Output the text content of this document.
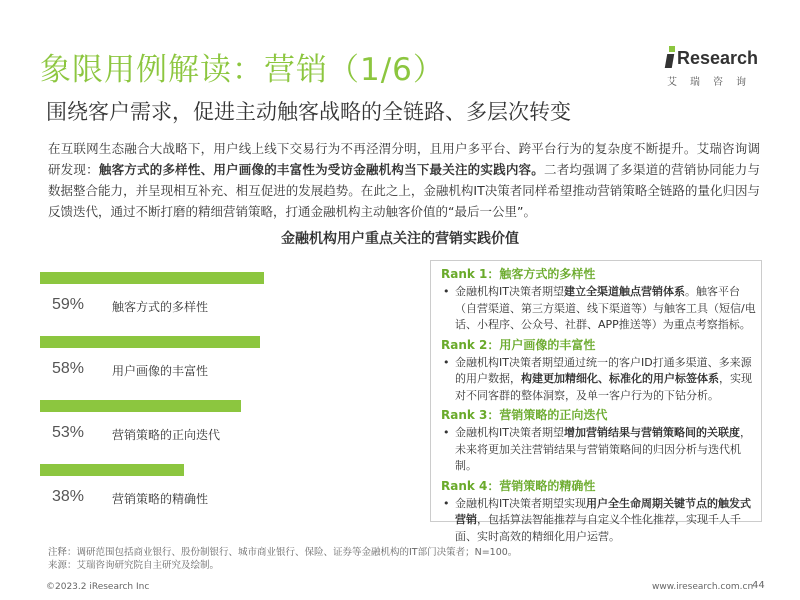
象限用例解读：营销（1/6）	Research
艾瑞咨询
围绕客户需求，促进主动触客战略的全链路、多层次转变
在互联网生态融合大战略下，用户线上线下交易行为不再泾渭分明，且用户多平台、跨平台行为的复杂度不断提升。艾瑞咨询调研发现：触客方式的多样性、用户画像的丰富性为受访金融机构当下最关注的实践内容。二者均强调了多渠道的营销协同能力与数据整合能力，并呈现相互补充、相互促进的发展趋势。在此之上，金融机构IT决策者同样希望推动营销策略全链路的量化归因与反馈迭代，通过不断打磨的精细营销策略，打通金融机构主动触客价值的“最后一公里”。
金融机构用户重点关注的营销实践价值
59% 触客方式的多样性
58% 用户画像的丰富性
53% 营销策略的正向迭代
38% 营销策略的精确性
Rank 1：触客方式的多样性
• 金融机构IT决策者期望建立全渠道触点营销体系。触客平台（自营渠道、第三方渠道、线下渠道等）与触客工具（短信/电话、小程序、公众号、社群、APP推送等）为重点考察指标。
Rank 2：用户画像的丰富性
• 金融机构IT决策者期望通过统一的客户ID打通多渠道、多来源的用户数据，构建更加精细化、标准化的用户标签体系，实现对不同客群的整体洞察，及单一客户行为的下钻分析。
Rank 3：营销策略的正向迭代
• 金融机构IT决策者期望增加营销结果与营销策略间的关联度，未来将更加关注营销结果与营销策略间的归因分析与迭代机制。
Rank 4：营销策略的精确性
• 金融机构IT决策者期望实现用户全生命周期关键节点的触发式营销，包括算法智能推荐与自定义个性化推荐，实现千人千面、实时高效的精细化用户运营。
注释：调研范围包括商业银行、股份制银行、城市商业银行、保险、证券等金融机构的IT部门决策者；N=100。
来源：艾瑞咨询研究院自主研究及绘制。
©2023.2 iResearch Inc	www.iresearch.com.cn
44
